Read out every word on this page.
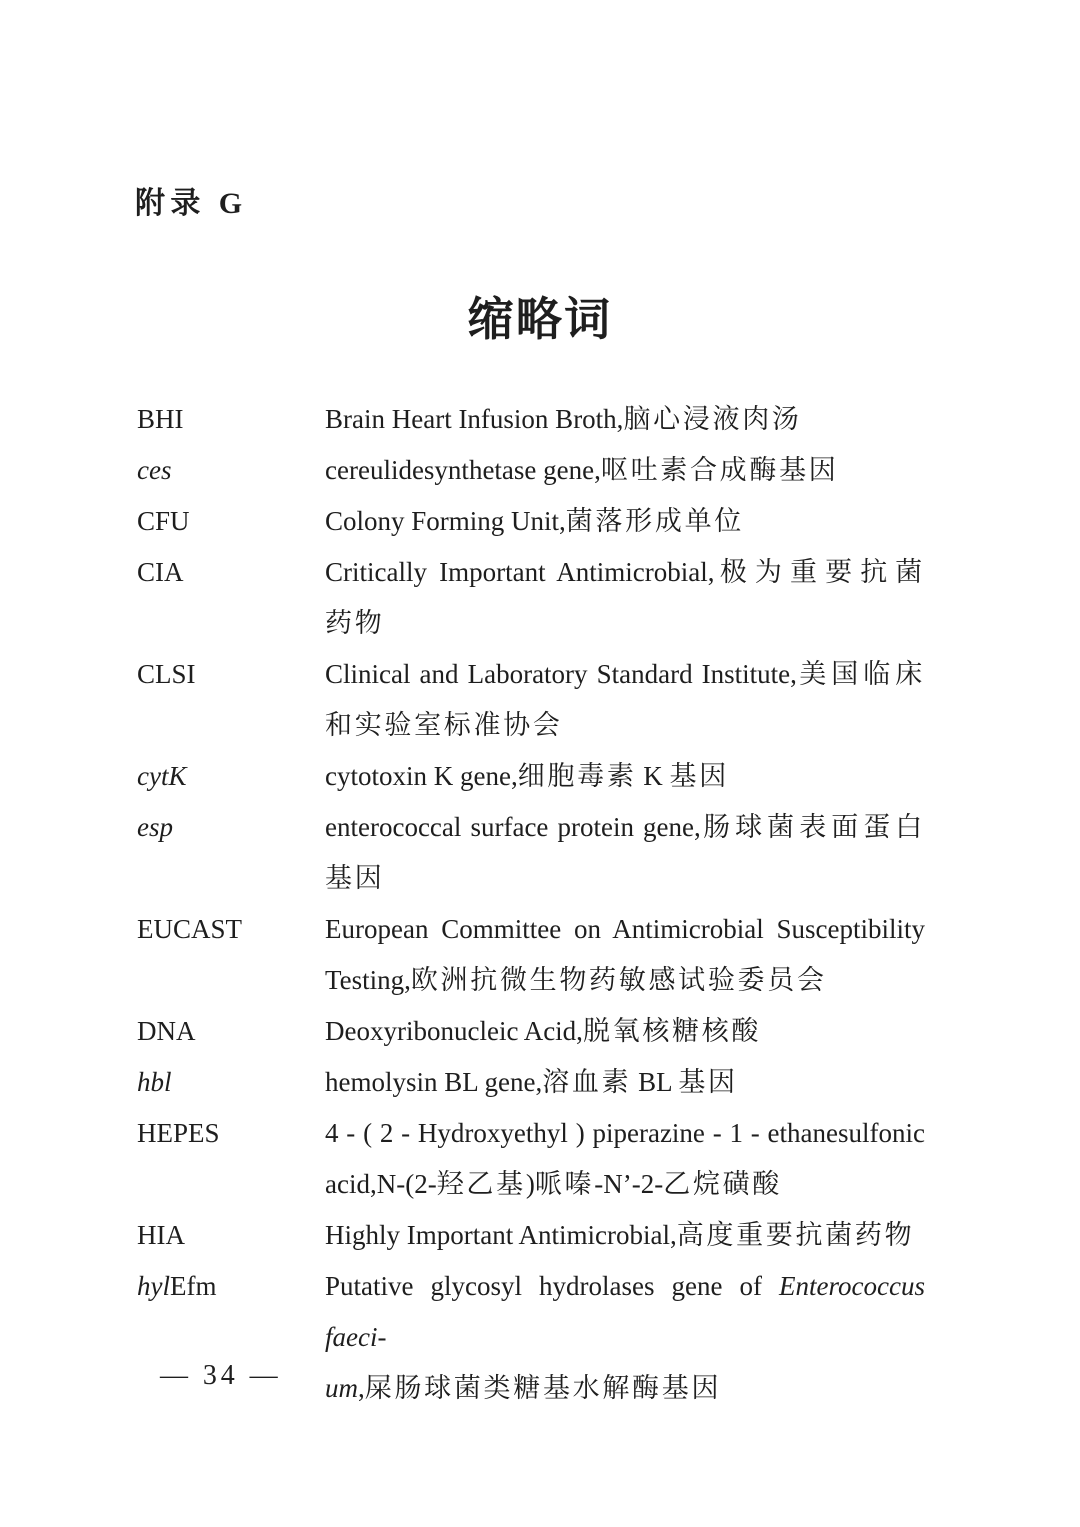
附录 G
缩略词
BHI	Brain Heart Infusion Broth,脑心浸液肉汤
ces	cereulidesynthetase gene,呕吐素合成酶基因
CFU	Colony Forming Unit,菌落形成单位
CIA	Critically Important Antimicrobial,极为重要抗菌
药物
CLSI	Clinical and Laboratory Standard Institute,美国临床
和实验室标准协会
cytK	cytotoxin K gene,细胞毒素 K 基因
esp	enterococcal surface protein gene,肠球菌表面蛋白
基因
EUCAST	European Committee on Antimicrobial Susceptibility
Testing,欧洲抗微生物药敏感试验委员会
DNA	Deoxyribonucleic Acid,脱氧核糖核酸
hbl	hemolysin BL gene,溶血素 BL 基因
HEPES	4 - ( 2 - Hydroxyethyl ) piperazine - 1 - ethanesulfonic
acid,N-(2-羟乙基)哌嗪-N’-2-乙烷磺酸
HIA	Highly Important Antimicrobial,高度重要抗菌药物
hylEfm	Putative glycosyl hydrolases gene of Enterococcus faeci-
um,屎肠球菌类糖基水解酶基因
— 34 —
